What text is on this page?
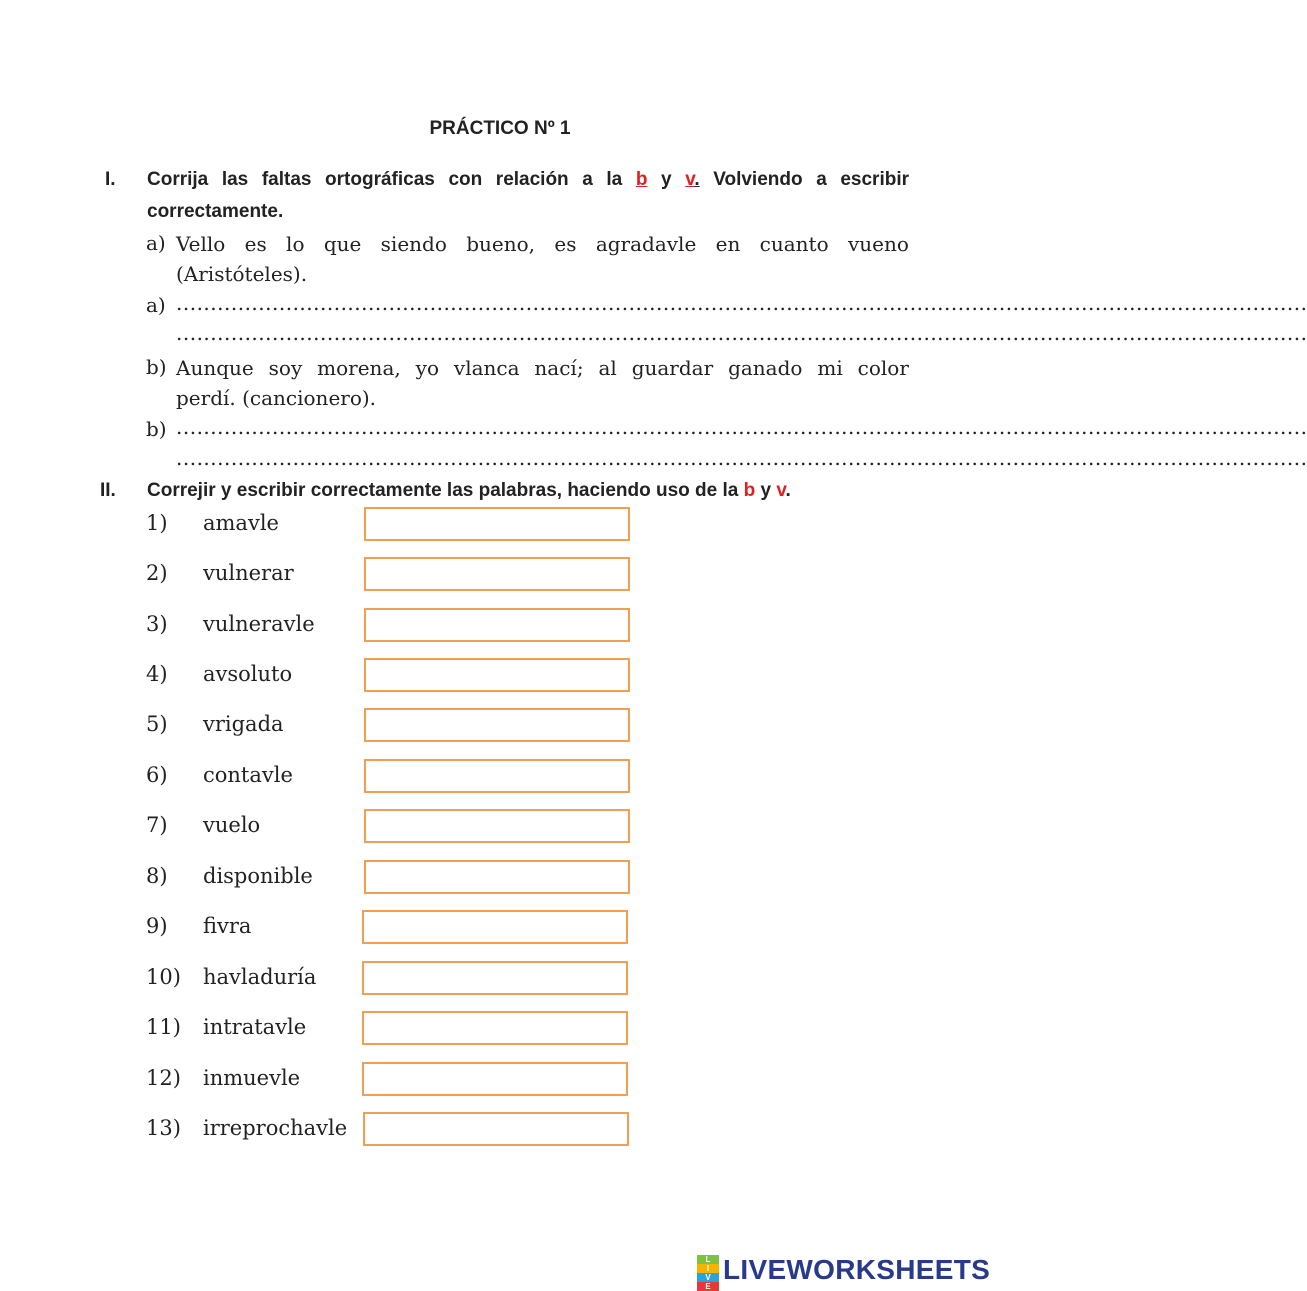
PRÁCTICO Nº 1
I. Corrija las faltas ortográficas con relación a la b y v. Volviendo a escribir
correctamente.
a) Vello es lo que siendo bueno, es agradavle en cuanto vueno
(Aristóteles).
a) .....................................................................................................................................................................
.....................................................................................................................................................................
b) Aunque soy morena, yo vlanca nací; al guardar ganado mi color
perdí. (cancionero).
b) .....................................................................................................................................................................
.....................................................................................................................................................................
II. Correjir y escribir correctamente las palabras, haciendo uso de la b y v.
1) amavle
2) vulnerar
3) vulneravle
4) avsoluto
5) vrigada
6) contavle
7) vuelo
8) disponible
9) fivra
10) havladuría
11) intratavle
12) inmuevle
13) irreprochavle
L
I
V
E
LIVEWORKSHEETS
